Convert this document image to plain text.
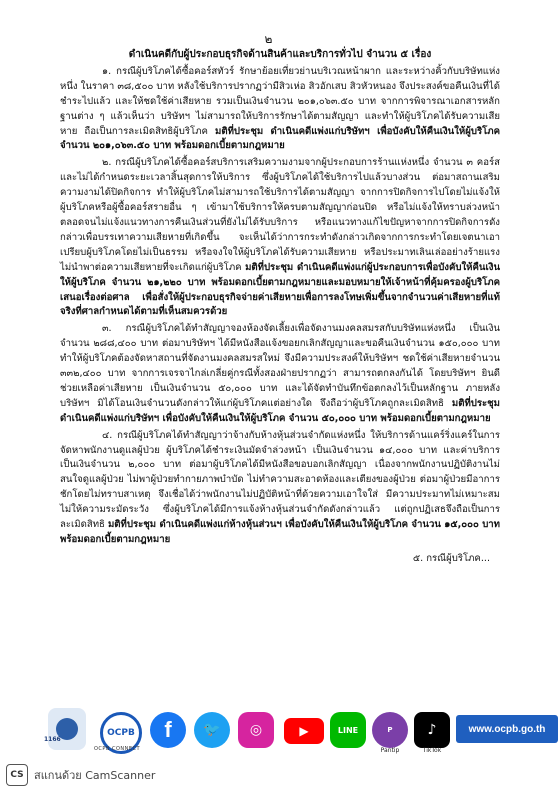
๒

ดำเนินคดีกับผู้ประกอบธุรกิจด้านสินค้าและบริการทั่วไป จำนวน ๕ เรื่อง

๑. กรณีผู้บริโภคได้ซื้อคอร์สทัวร์ รักษาย้อยเที่ยวย่านบริเวณหน้าผาก และระหว่างคิ้วกับบริษัทแห่งหนึ่ง ในราคา ๓๘,๕๐๐ บาท หลังใช้บริการปรากฏว่ามีสิวเห่อ สิวอักเสบ สิวหัวหนอง จึงประสงค์ขอคืนเงินที่ได้ชำระไปแล้ว และให้ชดใช้ค่าเสียหาย รวมเป็นเงินจำนวน ๒๐๑,๐๖๓.๕๐ บาท จากการพิจารณาเอกสารหลักฐานต่าง ๆ แล้วเห็นว่า บริษัทฯ ไม่สามารถให้บริการรักษาได้ตามสัญญา และทำให้ผู้บริโภคได้รับความเสียหาย ถือเป็นการละเมิดสิทธิผู้บริโภค มติที่ประชุม ดำเนินคดีแพ่งแก่บริษัทฯ เพื่อบังคับให้คืนเงินให้ผู้บริโภค จำนวน ๒๐๑,๐๖๓.๕๐ บาท พร้อมดอกเบี้ยตามกฎหมาย

๒. กรณีผู้บริโภคได้ซื้อคอร์สบริการเสริมความงามจากผู้ประกอบการร้านแห่งหนึ่ง จำนวน ๓ คอร์ส และไม่ได้กำหนดระยะเวลาสิ้นสุดการให้บริการ ซึ่งผู้บริโภคได้ใช้บริการไปแล้วบางส่วน ต่อมาสถานเสริมความงามได้ปิดกิจการ ทำให้ผู้บริโภคไม่สามารถใช้บริการได้ตามสัญญา จากการปิดกิจการไปโดยไม่แจ้งให้ผู้บริโภคหรือผู้ซื้อคอร์สรายอื่น ๆ เข้ามาใช้บริการให้ครบตามสัญญาก่อนปิด หรือไม่แจ้งให้ทราบล่วงหน้า ตลอดจนไม่แจ้งแนวทางการคืนเงินส่วนที่ยังไม่ได้รับบริการ หรือแนวทางแก้ไขปัญหาจากการปิดกิจการดังกล่าวเพื่อบรรเทาความเสียหายที่เกิดขึ้น จะเห็นได้ว่าการกระทำดังกล่าวเกิดจากการกระทำโดยเจตนาเอาเปรียบผู้บริโภคโดยไม่เป็นธรรม หรือจงใจให้ผู้บริโภคได้รับความเสียหาย หรือประมาทเลินเล่ออย่างร้ายแรง ไม่นำพาต่อความเสียหายที่จะเกิดแก่ผู้บริโภค มติที่ประชุม ดำเนินคดีแพ่งแก่ผู้ประกอบการเพื่อบังคับให้คืนเงินให้ผู้บริโภค จำนวน ๒๑,๒๒๐ บาท พร้อมดอกเบี้ยตามกฎหมายและมอบหมายให้เจ้าหน้าที่คุ้มครองผู้บริโภคเสนอเรื่องต่อศาล เพื่อสั่งให้ผู้ประกอบธุรกิจจ่ายค่าเสียหายเพื่อการลงโทษเพิ่มขึ้นจากจำนวนค่าเสียหายที่แท้จริงที่ศาลกำหนดได้ตามที่เห็นสมควรด้วย

๓. กรณีผู้บริโภคได้ทำสัญญาจองห้องจัดเลี้ยงเพื่อจัดงานมงคลสมรสกับบริษัทแห่งหนึ่ง เป็นเงินจำนวน ๒๘๘,๔๐๐ บาท ต่อมาบริษัทฯ ได้มีหนังสือแจ้งขอยกเลิกสัญญาและขอคืนเงินจำนวน ๑๕๐,๐๐๐ บาท ทำให้ผู้บริโภคต้องจัดหาสถานที่จัดงานมงคลสมรสใหม่ จึงมีความประสงค์ให้บริษัทฯ ชดใช้ค่าเสียหายจำนวน ๓๓๒,๔๐๐ บาท จากการเจรจาไกล่เกลี่ยคู่กรณีทั้งสองฝ่ายปรากฏว่า สามารถตกลงกันได้ โดยบริษัทฯ ยินดีช่วยเหลือค่าเสียหาย เป็นเงินจำนวน ๕๐,๐๐๐ บาท และได้จัดทำบันทึกข้อตกลงไว้เป็นหลักฐาน ภายหลังบริษัทฯ มิได้โอนเงินจำนวนดังกล่าวให้แก่ผู้บริโภคแต่อย่างใด จึงถือว่าผู้บริโภคถูกละเมิดสิทธิ มติที่ประชุม ดำเนินคดีแพ่งแก่บริษัทฯ เพื่อบังคับให้คืนเงินให้ผู้บริโภค จำนวน ๕๐,๐๐๐ บาท พร้อมดอกเบี้ยตามกฎหมาย

๔. กรณีผู้บริโภคได้ทำสัญญาว่าจ้างกับห้างหุ้นส่วนจำกัดแห่งหนึ่ง ให้บริการด้านแคร์ริ่งแคร์ในการจัดหาพนักงานดูแลผู้ป่วย ผู้บริโภคได้ชำระเงินมัดจำล่วงหน้า เป็นเงินจำนวน ๑๔,๐๐๐ บาท และค่าบริการ เป็นเงินจำนวน ๒,๐๐๐ บาท ต่อมาผู้บริโภคได้มีหนังสือขอบอกเลิกสัญญา เนื่องจากพนักงานปฏิบัติงานไม่สนใจดูแลผู้ป่วย ไม่พาผู้ป่วยทำกายภาพบำบัด ไม่ทำความสะอาดห้องและเตียงของผู้ป่วย ต่อมาผู้ป่วยมีอาการชักโดยไม่ทราบสาเหตุ จึงเชื่อได้ว่าพนักงานไม่ปฏิบัติหน้าที่ด้วยความเอาใจใส่ มีความประมาทไม่เหมาะสม ไม่ให้ความระมัดระวัง ซึ่งผู้บริโภคได้มีการแจ้งห้างหุ้นส่วนจำกัดดังกล่าวแล้ว แต่ถูกปฏิเสธจึงถือเป็นการละเมิดสิทธิ มติที่ประชุม ดำเนินคดีแพ่งแก่ห้างหุ้นส่วนฯ เพื่อบังคับให้คืนเงินให้ผู้บริโภค จำนวน ๑๕,๐๐๐ บาท พร้อมดอกเบี้ยตามกฎหมาย

๕. กรณีผู้บริโภค...
1166
OCPB
OCPB CONNECT
f	🐦	◎	▶	LINE	P
Pantip
♪
TikTok
www.ocpb.go.th
CS สแกนด้วย CamScanner
